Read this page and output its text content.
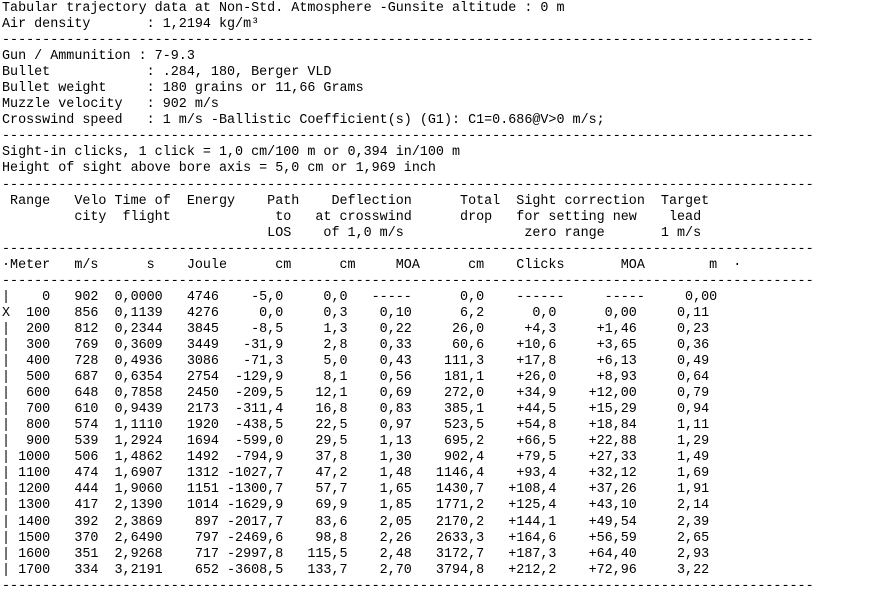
Tabular trajectory data at Non-Std. Atmosphere -Gunsite altitude : 0 m
Air density       : 1,2194 kg/m³
-----------------------------------------------------------------------------------------------------
Gun / Ammunition : 7-9.3
Bullet            : .284, 180, Berger VLD
Bullet weight     : 180 grains or 11,66 Grams
Muzzle velocity   : 902 m/s
Crosswind speed   : 1 m/s -Ballistic Coefficient(s) (G1): C1=0.686@V>0 m/s;
-----------------------------------------------------------------------------------------------------
Sight-in clicks, 1 click = 1,0 cm/100 m or 0,394 in/100 m
Height of sight above bore axis = 5,0 cm or 1,969 inch
-----------------------------------------------------------------------------------------------------
Range   Velo Time of  Energy    Path    Deflection      Total  Sight correction  Target
city  flight             to   at crosswind      drop   for setting new    lead
LOS    of 1,0 m/s               zero range       1 m/s
-----------------------------------------------------------------------------------------------------
·Meter   m/s      s    Joule      cm      cm     MOA      cm    Clicks       MOA        m  ·
-----------------------------------------------------------------------------------------------------
|    0   902  0,0000   4746    -5,0     0,0   -----      0,0    ------     -----     0,00
X  100   856  0,1139   4276     0,0     0,3    0,10      6,2      0,0      0,00     0,11
|  200   812  0,2344   3845    -8,5     1,3    0,22     26,0     +4,3     +1,46     0,23
|  300   769  0,3609   3449   -31,9     2,8    0,33     60,6    +10,6     +3,65     0,36
|  400   728  0,4936   3086   -71,3     5,0    0,43    111,3    +17,8     +6,13     0,49
|  500   687  0,6354   2754  -129,9     8,1    0,56    181,1    +26,0     +8,93     0,64
|  600   648  0,7858   2450  -209,5    12,1    0,69    272,0    +34,9    +12,00     0,79
|  700   610  0,9439   2173  -311,4    16,8    0,83    385,1    +44,5    +15,29     0,94
|  800   574  1,1110   1920  -438,5    22,5    0,97    523,5    +54,8    +18,84     1,11
|  900   539  1,2924   1694  -599,0    29,5    1,13    695,2    +66,5    +22,88     1,29
| 1000   506  1,4862   1492  -794,9    37,8    1,30    902,4    +79,5    +27,33     1,49
| 1100   474  1,6907   1312 -1027,7    47,2    1,48   1146,4    +93,4    +32,12     1,69
| 1200   444  1,9060   1151 -1300,7    57,7    1,65   1430,7   +108,4    +37,26     1,91
| 1300   417  2,1390   1014 -1629,9    69,9    1,85   1771,2   +125,4    +43,10     2,14
| 1400   392  2,3869    897 -2017,7    83,6    2,05   2170,2   +144,1    +49,54     2,39
| 1500   370  2,6490    797 -2469,6    98,8    2,26   2633,3   +164,6    +56,59     2,65
| 1600   351  2,9268    717 -2997,8   115,5    2,48   3172,7   +187,3    +64,40     2,93
| 1700   334  3,2191    652 -3608,5   133,7    2,70   3794,8   +212,2    +72,96     3,22
-----------------------------------------------------------------------------------------------------
